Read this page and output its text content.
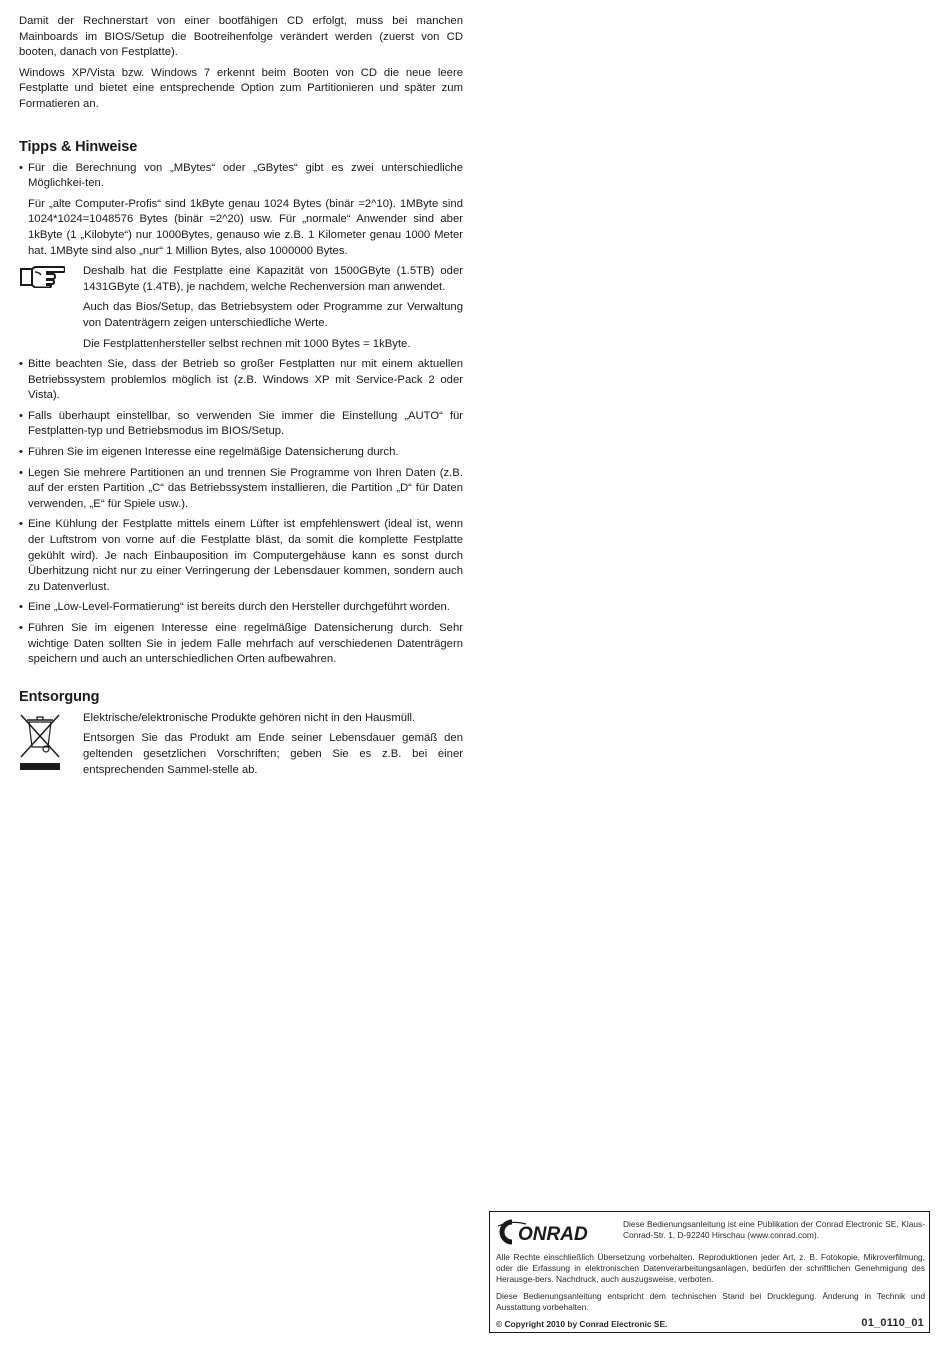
Damit der Rechnerstart von einer bootfähigen CD erfolgt, muss bei manchen Mainboards im BIOS/Setup die Bootreihenfolge verändert werden (zuerst von CD booten, danach von Festplatte).

Windows XP/Vista bzw. Windows 7 erkennt beim Booten von CD die neue leere Festplatte und bietet eine entsprechende Option zum Partitionieren und später zum Formatieren an.

Tipps & Hinweise
• Für die Berechnung von „MBytes“ oder „GBytes“ gibt es zwei unterschiedliche Möglichkei-ten.

Für „alte Computer-Profis“ sind 1kByte genau 1024 Bytes (binär =2^10). 1MByte sind 1024*1024=1048576 Bytes (binär =2^20) usw. Für „normale“ Anwender sind aber 1kByte (1 „Kilobyte“) nur 1000Bytes, genauso wie z.B. 1 Kilometer genau 1000 Meter hat. 1MByte sind also „nur“ 1 Million Bytes, also 1000000 Bytes.

Deshalb hat die Festplatte eine Kapazität von 1500GByte (1.5TB) oder 1431GByte (1.4TB), je nachdem, welche Rechenversion man anwendet.

Auch das Bios/Setup, das Betriebsystem oder Programme zur Verwaltung von Datenträgern zeigen unterschiedliche Werte.

Die Festplattenhersteller selbst rechnen mit 1000 Bytes = 1kByte.

• Bitte beachten Sie, dass der Betrieb so großer Festplatten nur mit einem aktuellen Betriebssystem problemlos möglich ist (z.B. Windows XP mit Service-Pack 2 oder Vista).
• Falls überhaupt einstellbar, so verwenden Sie immer die Einstellung „AUTO“ für Festplatten-typ und Betriebsmodus im BIOS/Setup.
• Führen Sie im eigenen Interesse eine regelmäßige Datensicherung durch.
• Legen Sie mehrere Partitionen an und trennen Sie Programme von Ihren Daten (z.B. auf der ersten Partition „C“ das Betriebssystem installieren, die Partition „D“ für Daten verwenden, „E“ für Spiele usw.).
• Eine Kühlung der Festplatte mittels einem Lüfter ist empfehlenswert (ideal ist, wenn der Luftstrom von vorne auf die Festplatte bläst, da somit die komplette Festplatte gekühlt wird). Je nach Einbauposition im Computergehäuse kann es sonst durch Überhitzung nicht nur zu einer Verringerung der Lebensdauer kommen, sondern auch zu Datenverlust.
• Eine „Low-Level-Formatierung“ ist bereits durch den Hersteller durchgeführt worden.
• Führen Sie im eigenen Interesse eine regelmäßige Datensicherung durch. Sehr wichtige Daten sollten Sie in jedem Falle mehrfach auf verschiedenen Datenträgern speichern und auch an unterschiedlichen Orten aufbewahren.
Entsorgung

Elektrische/elektronische Produkte gehören nicht in den Hausmüll.

Entsorgen Sie das Produkt am Ende seiner Lebensdauer gemäß den geltenden gesetzlichen Vorschriften; geben Sie es z.B. bei einer entsprechenden Sammel-stelle ab.

ONRAD	Diese Bedienungsanleitung ist eine Publikation der Conrad Electronic SE, Klaus-Conrad-Str. 1, D-92240 Hirschau (www.conrad.com).
Alle Rechte einschließlich Übersetzung vorbehalten. Reproduktionen jeder Art, z. B. Fotokopie, Mikroverfilmung, oder die Erfassung in elektronischen Datenverarbeitungsanlagen, bedürfen der schriftlichen Genehmigung des Herausge-bers. Nachdruck, auch auszugsweise, verboten.
Diese Bedienungsanleitung entspricht dem technischen Stand bei Drucklegung. Änderung in Technik und Ausstattung vorbehalten.
© Copyright 2010 by Conrad Electronic SE.	01_0110_01
